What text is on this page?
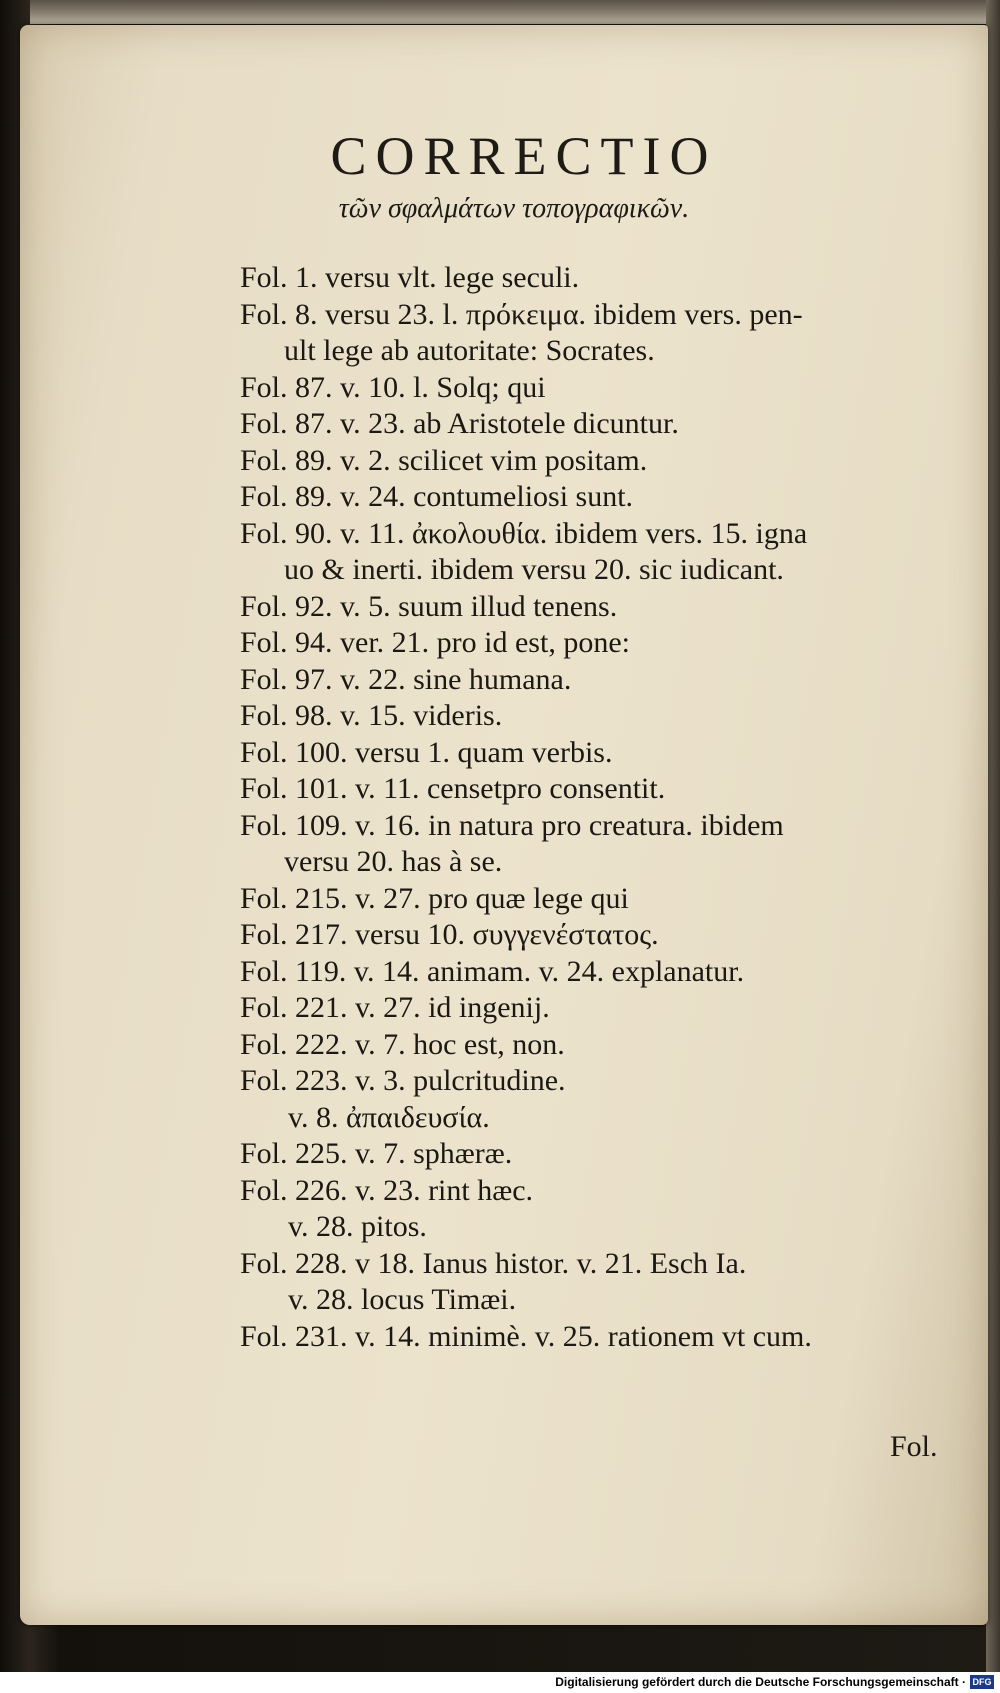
CORRECTIO
τῶν σφαλμάτων τοπογραφικῶν.
Fol. 1. versu vlt. lege seculi.
Fol. 8. versu 23. l. πρόκειμα. ibidem vers. pen-
ult lege ab autoritate: Socrates.
Fol. 87. v. 10. l. Solq; qui
Fol. 87. v. 23. ab Aristotele dicuntur.
Fol. 89. v. 2. scilicet vim positam.
Fol. 89. v. 24. contumeliosi sunt.
Fol. 90. v. 11. ἀκολουθία. ibidem vers. 15. igna
uo & inerti. ibidem versu 20. sic iudicant.
Fol. 92. v. 5. suum illud tenens.
Fol. 94. ver. 21. pro id est, pone:
Fol. 97. v. 22. sine humana.
Fol. 98. v. 15. videris.
Fol. 100. versu 1. quam verbis.
Fol. 101. v. 11. censetpro consentit.
Fol. 109. v. 16. in natura pro creatura. ibidem
versu 20. has à se.
Fol. 215. v. 27. pro quæ lege qui
Fol. 217. versu 10. συγγενέστατος.
Fol. 119. v. 14. animam. v. 24. explanatur.
Fol. 221. v. 27. id ingenij.
Fol. 222. v. 7. hoc est, non.
Fol. 223. v. 3. pulcritudine.
v. 8. ἀπαιδευσία.
Fol. 225. v. 7. sphæræ.
Fol. 226. v. 23. rint hæc.
v. 28. pitos.
Fol. 228. v 18. Ianus histor. v. 21. Esch Ia.
v. 28. locus Timæi.
Fol. 231. v. 14. minimè. v. 25. rationem vt cum.
Fol.
Digitalisierung gefördert durch die Deutsche Forschungsgemeinschaft · DFG
